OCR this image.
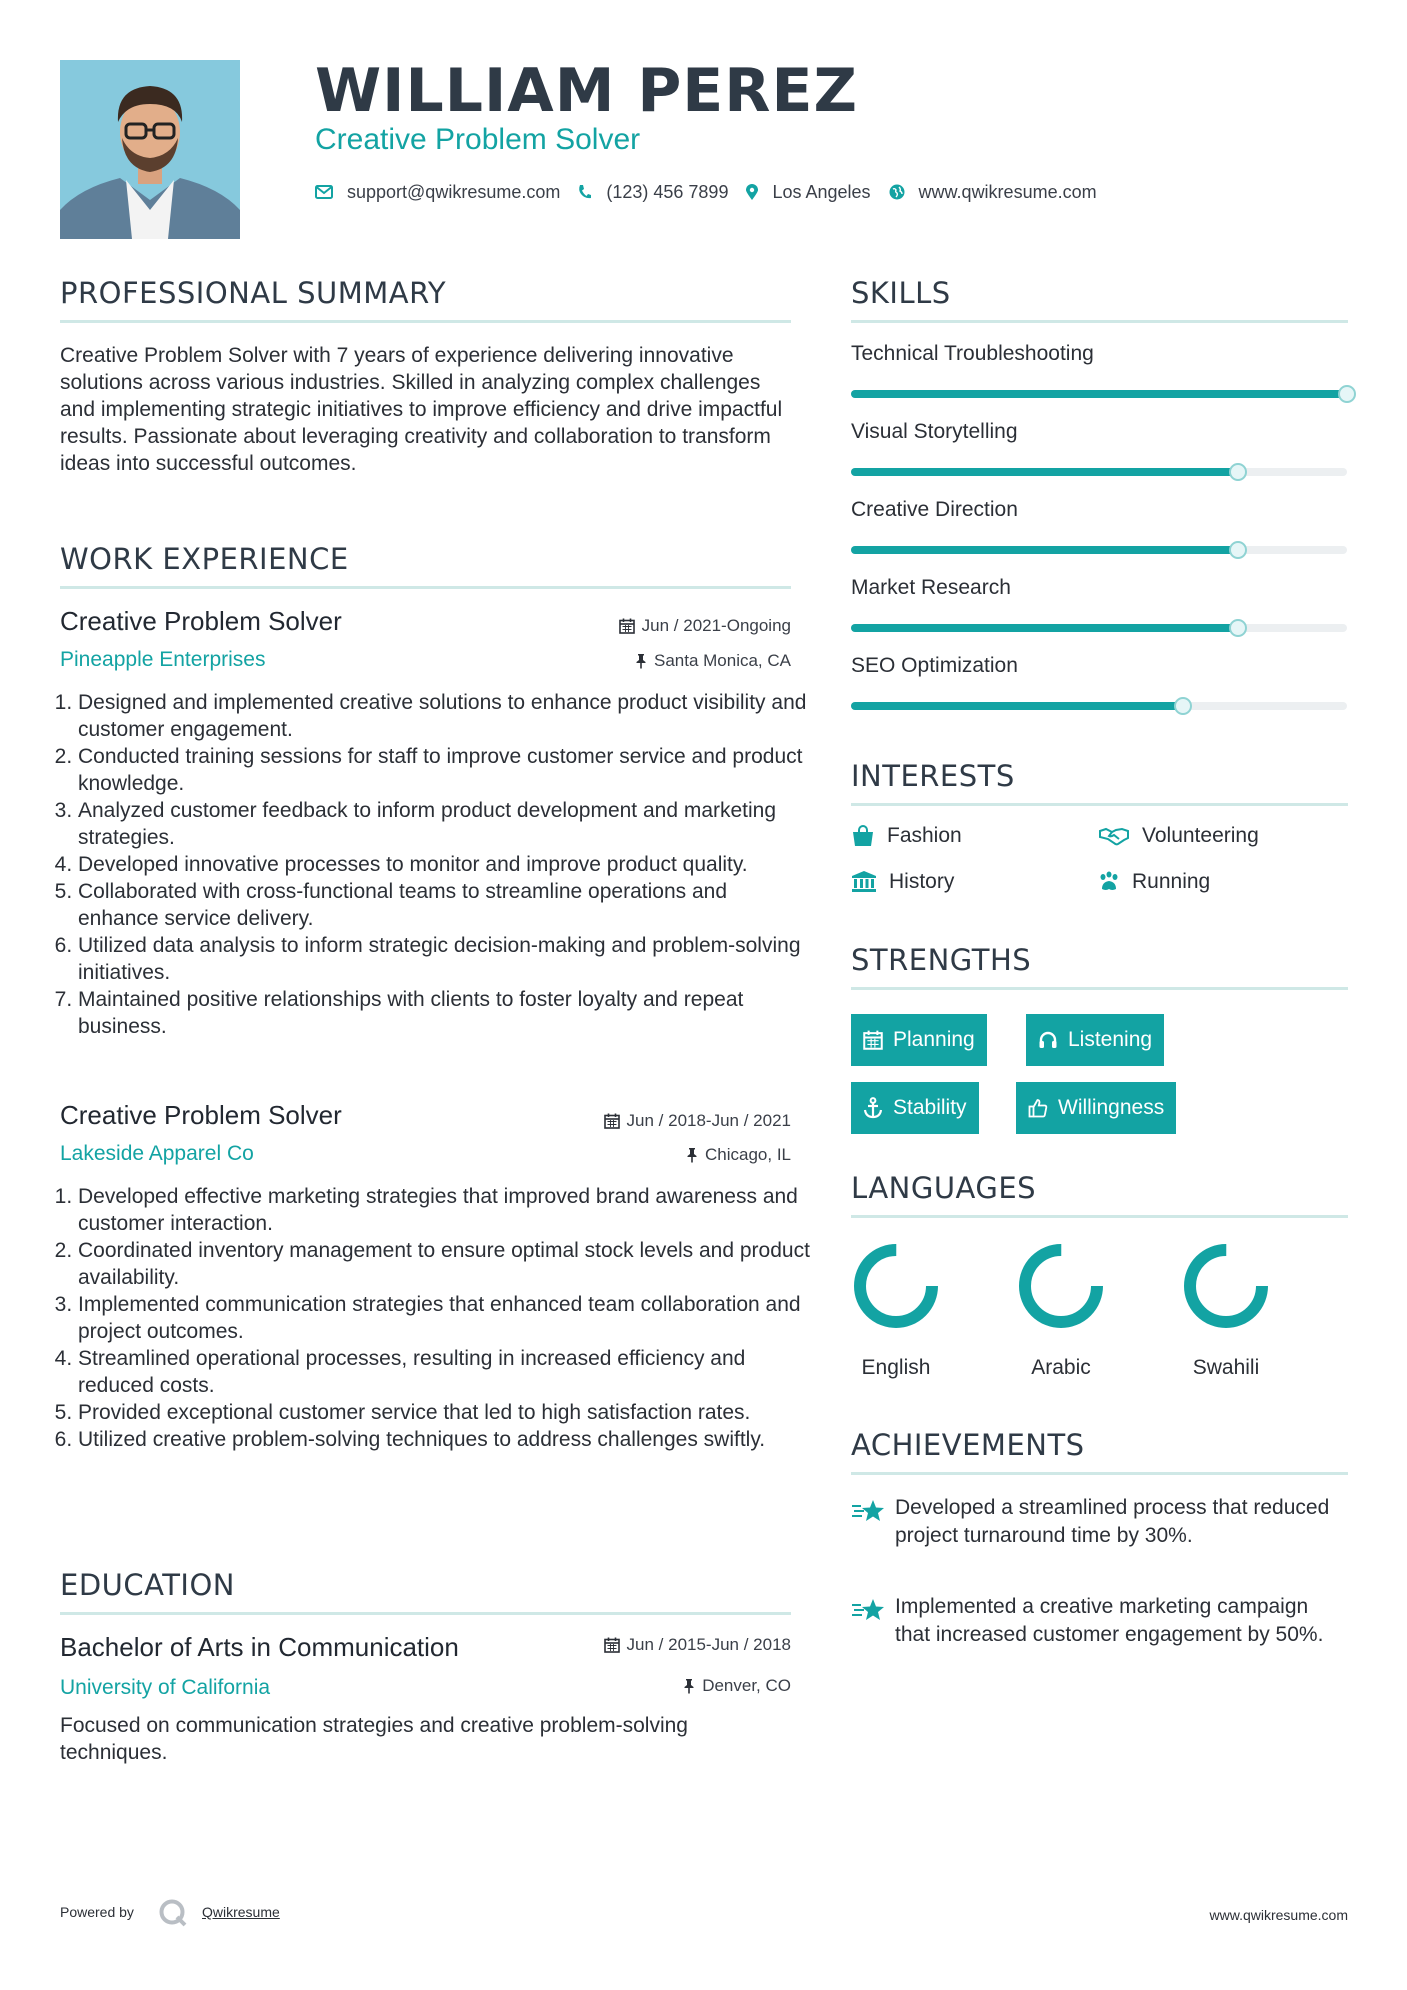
WILLIAM PEREZ
Creative Problem Solver
support@qwikresume.com	(123) 456 7899 Los Angeles	www.qwikresume.com
PROFESSIONAL SUMMARY
Creative Problem Solver with 7 years of experience delivering innovative solutions across various industries. Skilled in analyzing complex challenges and implementing strategic initiatives to improve efficiency and drive impactful results. Passionate about leveraging creativity and collaboration to transform ideas into successful outcomes.
WORK EXPERIENCE
Creative Problem Solver	Jun / 2021-Ongoing
Pineapple Enterprises	Santa Monica, CA
1. Designed and implemented creative solutions to enhance product visibility and customer engagement.
2. Conducted training sessions for staff to improve customer service and product knowledge.
3. Analyzed customer feedback to inform product development and marketing strategies.
4. Developed innovative processes to monitor and improve product quality.
5. Collaborated with cross-functional teams to streamline operations and enhance service delivery.
6. Utilized data analysis to inform strategic decision-making and problem-solving initiatives.
7. Maintained positive relationships with clients to foster loyalty and repeat business.
Creative Problem Solver	Jun / 2018-Jun / 2021
Lakeside Apparel Co	Chicago, IL
1. Developed effective marketing strategies that improved brand awareness and customer interaction.
2. Coordinated inventory management to ensure optimal stock levels and product availability.
3. Implemented communication strategies that enhanced team collaboration and project outcomes.
4. Streamlined operational processes, resulting in increased efficiency and reduced costs.
5. Provided exceptional customer service that led to high satisfaction rates.
6. Utilized creative problem-solving techniques to address challenges swiftly.
EDUCATION
Bachelor of Arts in Communication	Jun / 2015-Jun / 2018
University of California	Denver, CO
Focused on communication strategies and creative problem-solving techniques.
SKILLS
Technical Troubleshooting
Visual Storytelling
Creative Direction
Market Research
SEO Optimization
INTERESTS
Fashion	Volunteering
History	Running
STRENGTHS
Planning	Listening
Stability	Willingness
LANGUAGES
English	Arabic	Swahili
ACHIEVEMENTS
Developed a streamlined process that reduced project turnaround time by 30%.
Implemented a creative marketing campaign that increased customer engagement by 50%.
Powered by	Qwikresume	www.qwikresume.com
